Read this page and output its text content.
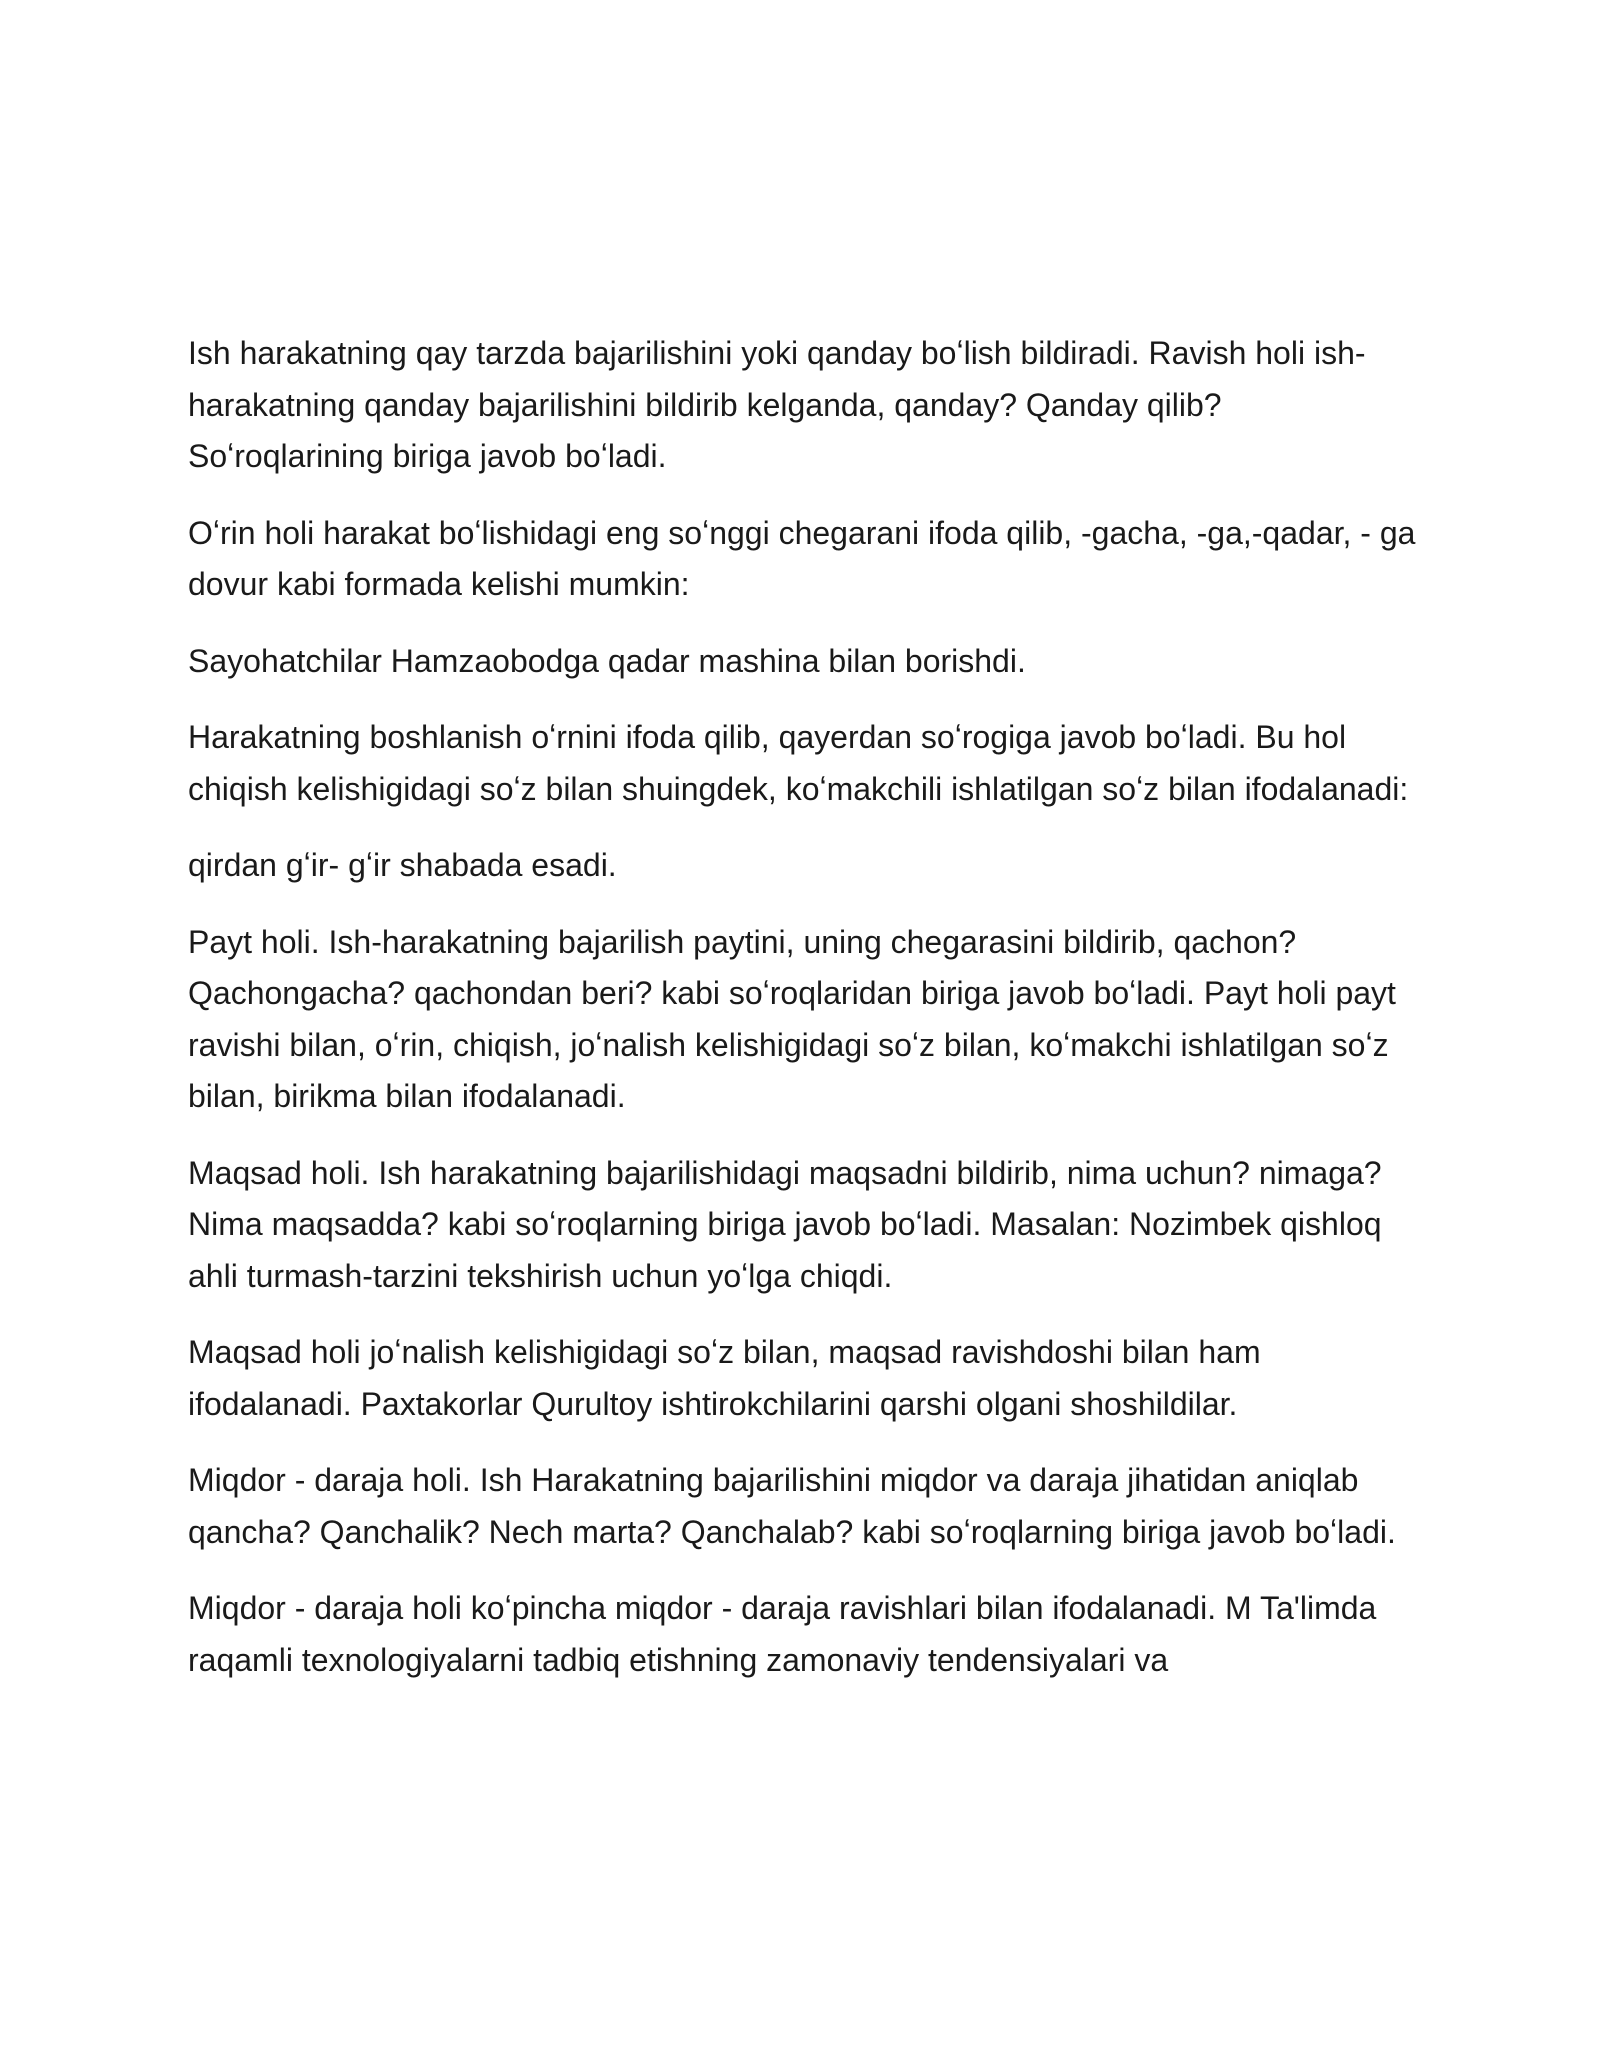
Ish harakatning qay tarzda bajarilishini yoki qanday boʻlish bildiradi. Ravish holi ish-harakatning qanday bajarilishini bildirib kelganda, qanday? Qanday qilib? Soʻroqlarining biriga javob boʻladi.

Oʻrin holi harakat boʻlishidagi eng soʻnggi chegarani ifoda qilib, -gacha, -ga,-qadar, - ga dovur kabi formada kelishi mumkin:

Sayohatchilar Hamzaobodga qadar mashina bilan borishdi.

Harakatning boshlanish oʻrnini ifoda qilib, qayerdan soʻrogiga javob boʻladi. Bu hol chiqish kelishigidagi soʻz bilan shuingdek, koʻmakchili ishlatilgan soʻz bilan ifodalanadi:

qirdan gʻir- gʻir shabada esadi.

Payt holi. Ish-harakatning bajarilish paytini, uning chegarasini bildirib, qachon? Qachongacha? qachondan beri? kabi soʻroqlaridan biriga javob boʻladi. Payt holi payt ravishi bilan, oʻrin, chiqish, joʻnalish kelishigidagi soʻz bilan, koʻmakchi ishlatilgan soʻz bilan, birikma bilan ifodalanadi.

Maqsad holi. Ish harakatning bajarilishidagi maqsadni bildirib, nima uchun? nimaga? Nima maqsadda? kabi soʻroqlarning biriga javob boʻladi. Masalan: Nozimbek qishloq ahli turmash-tarzini tekshirish uchun yoʻlga chiqdi.

Maqsad holi joʻnalish kelishigidagi soʻz bilan, maqsad ravishdoshi bilan ham ifodalanadi. Paxtakorlar Qurultoy ishtirokchilarini qarshi olgani shoshildilar.

Miqdor - daraja holi. Ish Harakatning bajarilishini miqdor va daraja jihatidan aniqlab qancha? Qanchalik? Nech marta? Qanchalab? kabi soʻroqlarning biriga javob boʻladi.

Miqdor - daraja holi koʻpincha miqdor - daraja ravishlari bilan ifodalanadi. M Ta'limda raqamli texnologiyalarni tadbiq etishning zamonaviy tendensiyalari va
